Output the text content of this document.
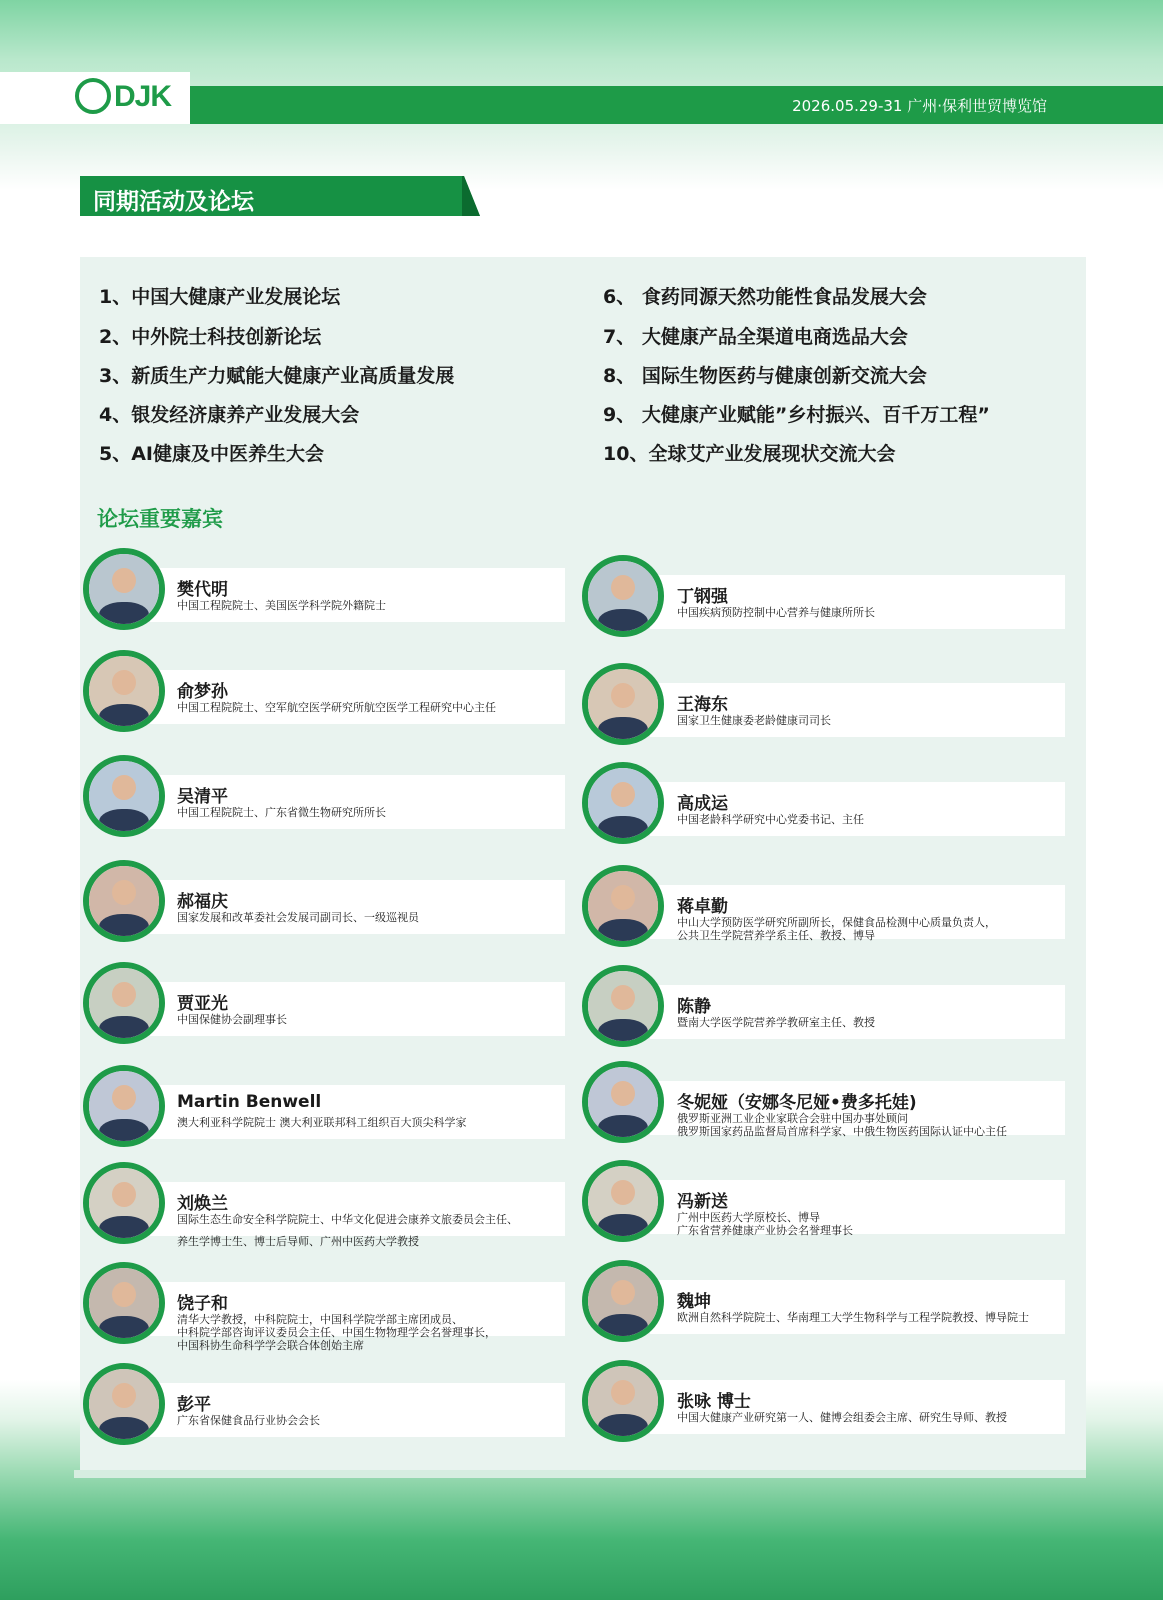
DJK	2026.05.29-31 广州·保利世贸博览馆
同期活动及论坛
1、中国大健康产业发展论坛
2、中外院士科技创新论坛
3、新质生产力赋能大健康产业高质量发展
4、银发经济康养产业发展大会
5、AI健康及中医养生大会
6、 食药同源天然功能性食品发展大会
7、 大健康产品全渠道电商选品大会
8、 国际生物医药与健康创新交流大会
9、 大健康产业赋能”乡村振兴、百千万工程”
10、全球艾产业发展现状交流大会
论坛重要嘉宾
樊代明
中国工程院院士、美国医学科学院外籍院士
俞梦孙
中国工程院院士、空军航空医学研究所航空医学工程研究中心主任
吴清平
中国工程院院士、广东省微生物研究所所长
郝福庆
国家发展和改革委社会发展司副司长、一级巡视员
贾亚光
中国保健协会副理事长
Martin Benwell
澳大利亚科学院院士 澳大利亚联邦科工组织百大顶尖科学家
刘焕兰
国际生态生命安全科学院院士、中华文化促进会康养文旅委员会主任、
养生学博士生、博士后导师、广州中医药大学教授
饶子和
清华大学教授，中科院院士，中国科学院学部主席团成员、
中科院学部咨询评议委员会主任、中国生物物理学会名誉理事长，
中国科协生命科学学会联合体创始主席
彭平
广东省保健食品行业协会会长
丁钢强
中国疾病预防控制中心营养与健康所所长
王海东
国家卫生健康委老龄健康司司长
高成运
中国老龄科学研究中心党委书记、主任
蒋卓勤
中山大学预防医学研究所副所长，保健食品检测中心质量负责人，
公共卫生学院营养学系主任、教授、博导
陈静
暨南大学医学院营养学教研室主任、教授
冬妮娅（安娜冬尼娅•费多托娃)
俄罗斯亚洲工业企业家联合会驻中国办事处顾问
俄罗斯国家药品监督局首席科学家、中俄生物医药国际认证中心主任
冯新送
广州中医药大学原校长、博导
广东省营养健康产业协会名誉理事长
魏坤
欧洲自然科学院院士、华南理工大学生物科学与工程学院教授、博导院士
张咏 博士
中国大健康产业研究第一人、健博会组委会主席、研究生导师、教授
